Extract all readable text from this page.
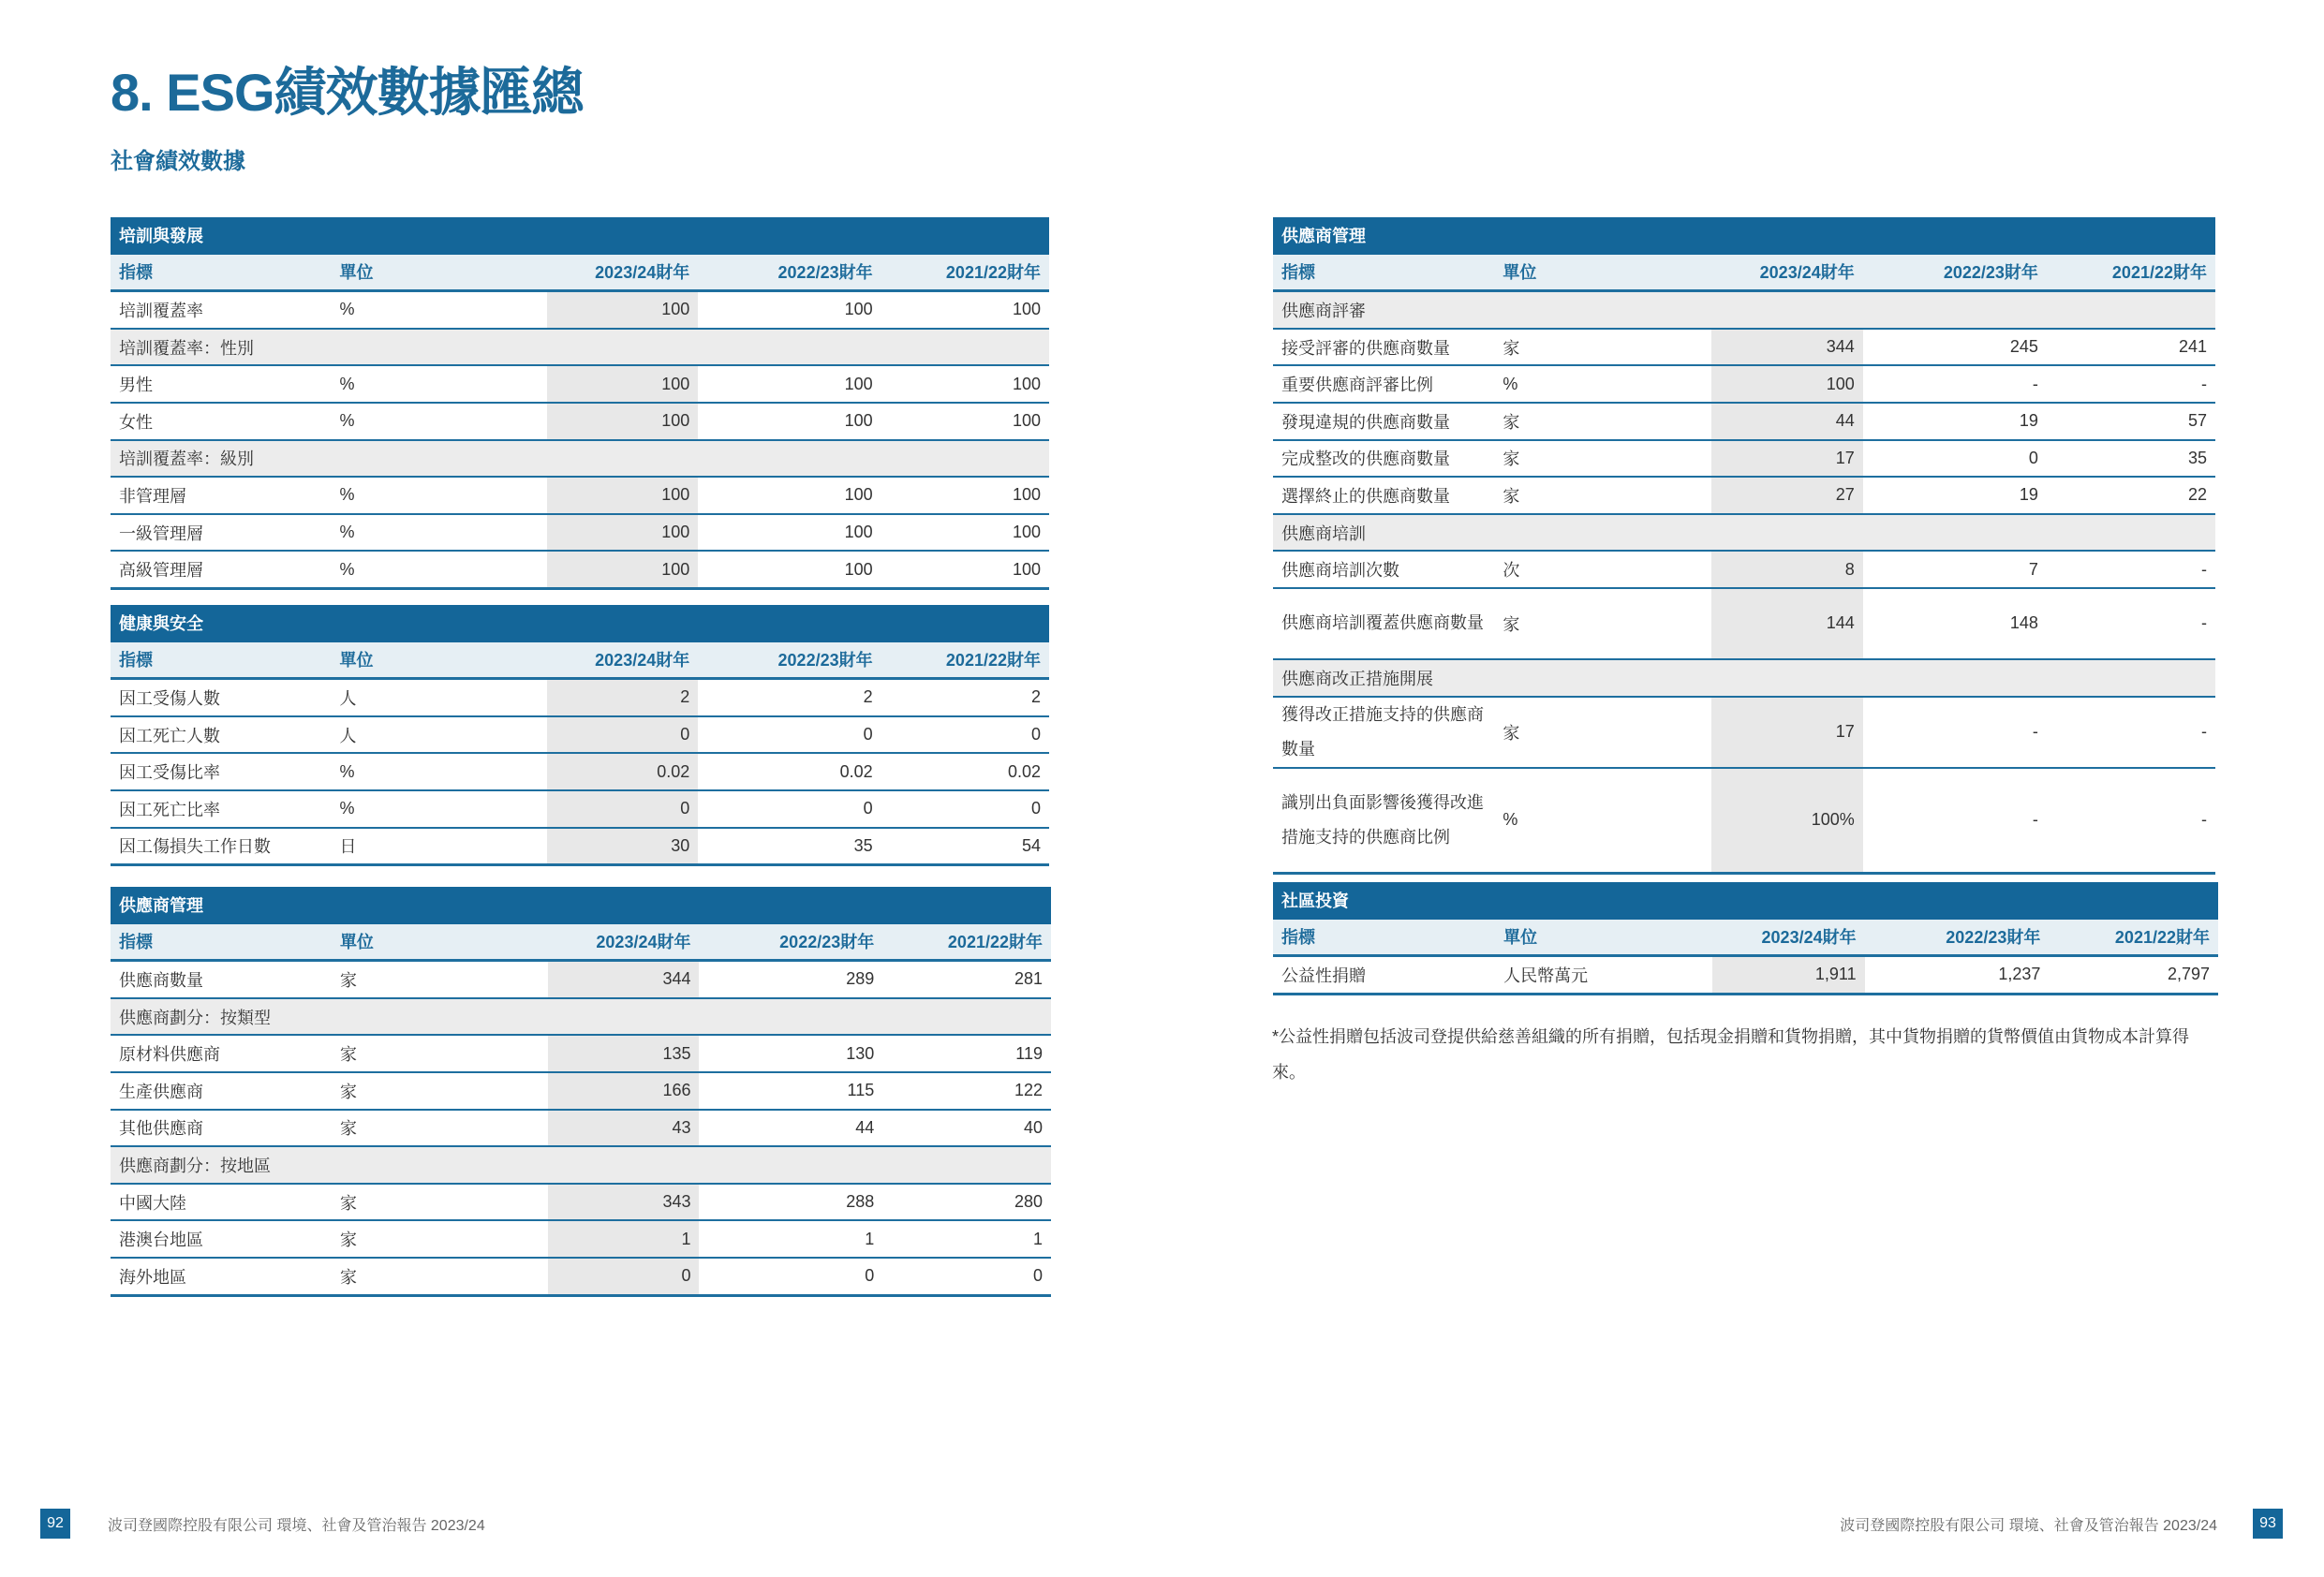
8. ESG績效數據匯總
社會績效數據
培訓與發展				
指標	單位	2023/24財年	2022/23財年	2021/22財年
培訓覆蓋率	%	100	100	100
培訓覆蓋率：性別				
男性	%	100	100	100
女性	%	100	100	100
培訓覆蓋率：級別				
非管理層	%	100	100	100
一級管理層	%	100	100	100
高級管理層	%	100	100	100
健康與安全				
指標	單位	2023/24財年	2022/23財年	2021/22財年
因工受傷人數	人	2	2	2
因工死亡人數	人	0	0	0
因工受傷比率	%	0.02	0.02	0.02
因工死亡比率	%	0	0	0
因工傷損失工作日數	日	30	35	54
供應商管理				
指標	單位	2023/24財年	2022/23財年	2021/22財年
供應商數量	家	344	289	281
供應商劃分：按類型				
原材料供應商	家	135	130	119
生產供應商	家	166	115	122
其他供應商	家	43	44	40
供應商劃分：按地區				
中國大陸	家	343	288	280
港澳台地區	家	1	1	1
海外地區	家	0	0	0
供應商管理				
指標	單位	2023/24財年	2022/23財年	2021/22財年
供應商評審				
接受評審的供應商數量	家	344	245	241
重要供應商評審比例	%	100	-	-
發現違規的供應商數量	家	44	19	57
完成整改的供應商數量	家	17	0	35
選擇終止的供應商數量	家	27	19	22
供應商培訓				
供應商培訓次數	次	8	7	-
供應商培訓覆蓋供應商數量	家	144	148	-
供應商改正措施開展				
獲得改正措施支持的供應商數量	家	17	-	-
識別出負面影響後獲得改進措施支持的供應商比例	%	100%	-	-
社區投資				
指標	單位	2023/24財年	2022/23財年	2021/22財年
公益性捐贈	人民幣萬元	1,911	1,237	2,797

*公益性捐贈包括波司登提供給慈善組織的所有捐贈，包括現金捐贈和貨物捐贈，其中貨物捐贈的貨幣價值由貨物成本計算得來。

92	波司登國際控股有限公司 環境、社會及管治報告 2023/24	波司登國際控股有限公司 環境、社會及管治報告 2023/24	93
